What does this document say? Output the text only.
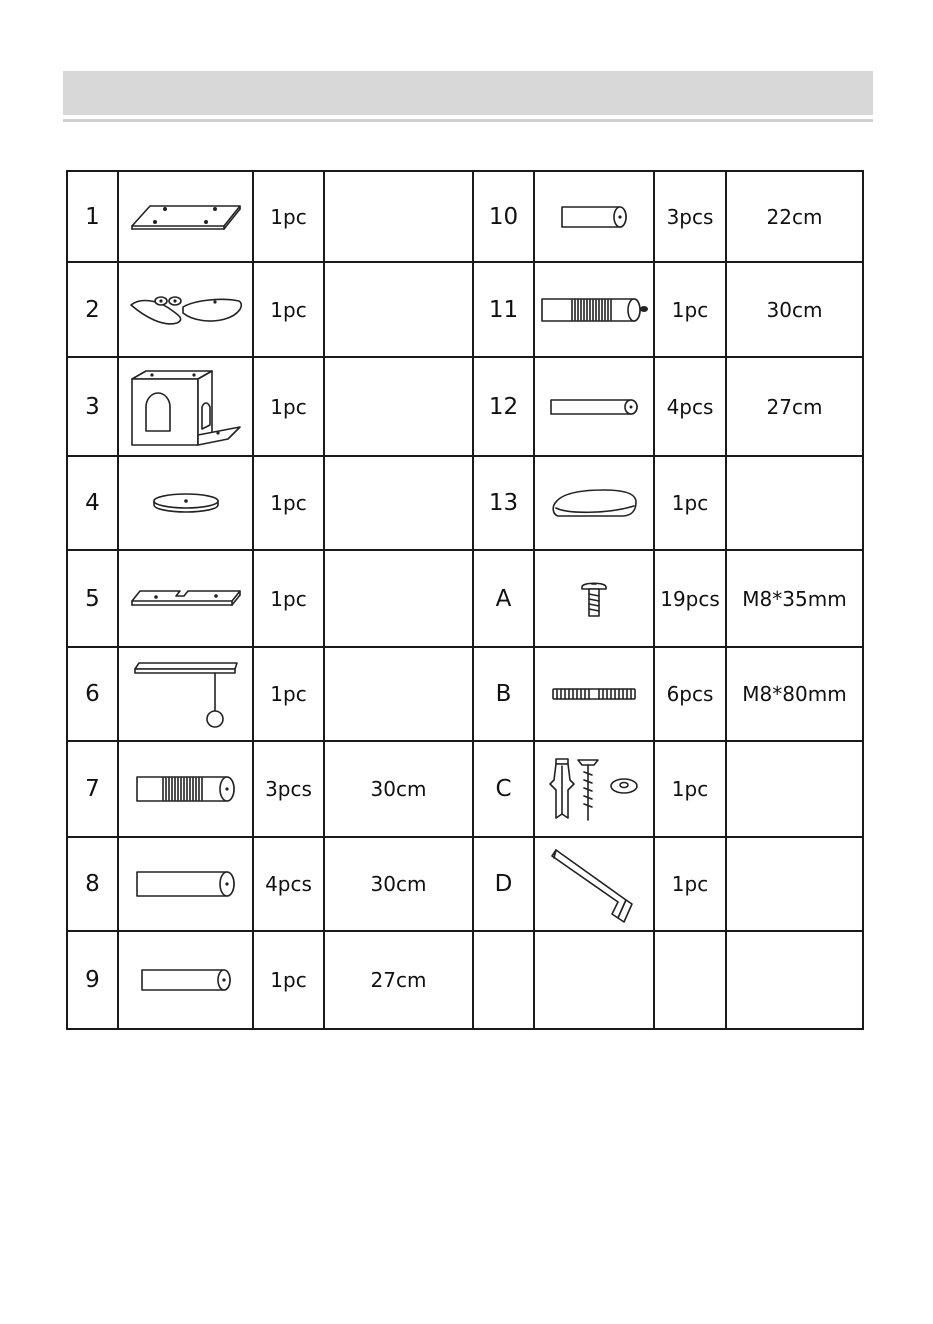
1		1pc		10		3pcs	22cm
2		1pc		11		1pc	30cm
3		1pc		12		4pcs	27cm
4		1pc		13		1pc	
5		1pc		A		19pcs	M8*35mm
6		1pc		B		6pcs	M8*80mm
7		3pcs	30cm	C		1pc	
8		4pcs	30cm	D		1pc	
9		1pc	27cm				
